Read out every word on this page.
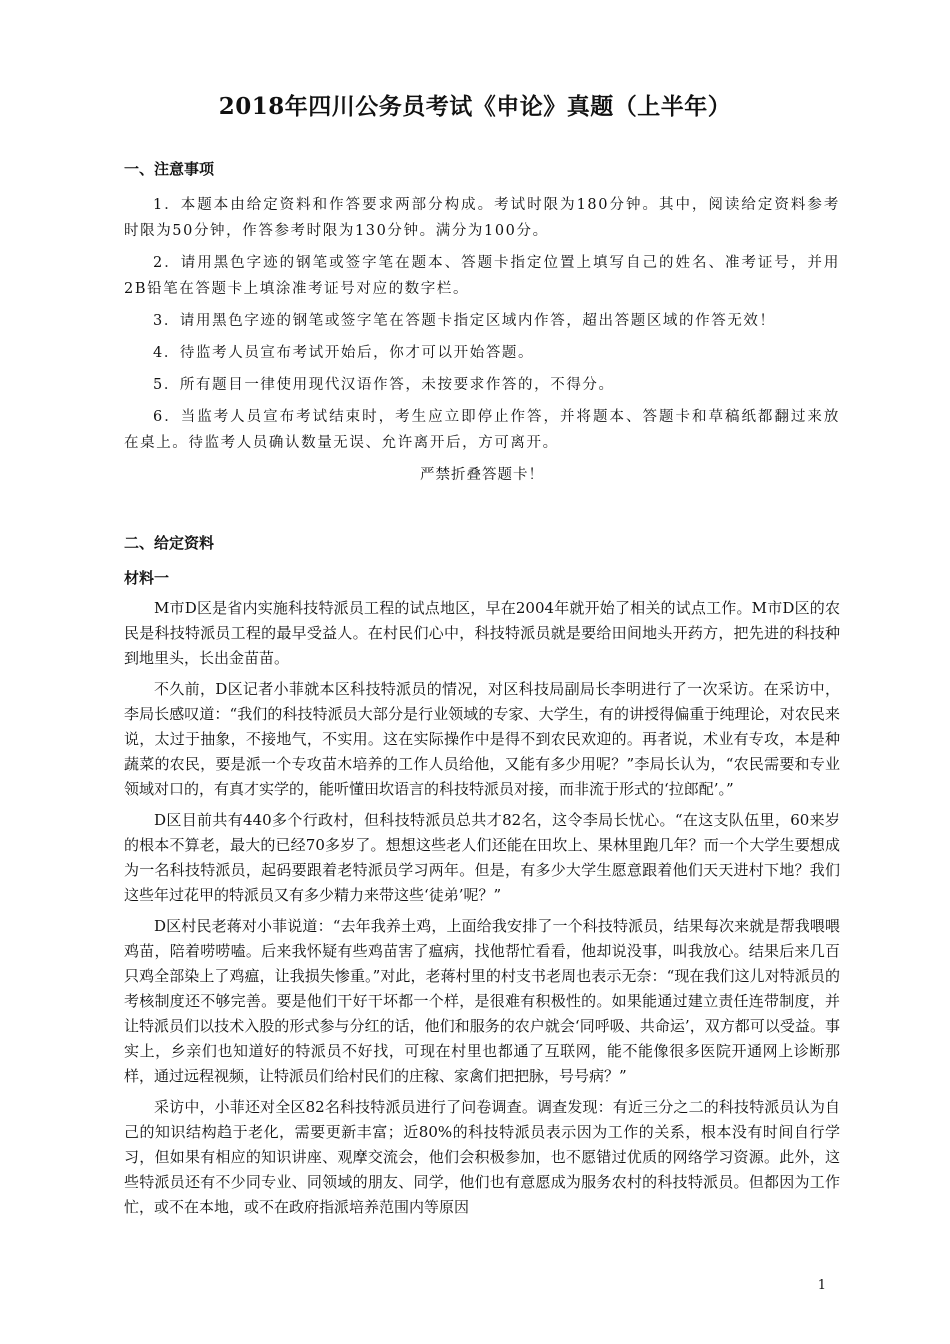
2018年四川公务员考试《申论》真题（上半年）
一、注意事项

1．本题本由给定资料和作答要求两部分构成。考试时限为180分钟。其中，阅读给定资料参考时限为50分钟，作答参考时限为130分钟。满分为100分。

2．请用黑色字迹的钢笔或签字笔在题本、答题卡指定位置上填写自己的姓名、准考证号，并用2B铅笔在答题卡上填涂准考证号对应的数字栏。

3．请用黑色字迹的钢笔或签字笔在答题卡指定区域内作答，超出答题区域的作答无效！

4．待监考人员宣布考试开始后，你才可以开始答题。

5．所有题目一律使用现代汉语作答，未按要求作答的，不得分。

6．当监考人员宣布考试结束时，考生应立即停止作答，并将题本、答题卡和草稿纸都翻过来放在桌上。待监考人员确认数量无误、允许离开后，方可离开。

严禁折叠答题卡！
二、给定资料
材料一

M市D区是省内实施科技特派员工程的试点地区，早在2004年就开始了相关的试点工作。M市D区的农民是科技特派员工程的最早受益人。在村民们心中，科技特派员就是要给田间地头开药方，把先进的科技种到地里头，长出金苗苗。

不久前，D区记者小菲就本区科技特派员的情况，对区科技局副局长李明进行了一次采访。在采访中，李局长感叹道：“我们的科技特派员大部分是行业领域的专家、大学生，有的讲授得偏重于纯理论，对农民来说，太过于抽象，不接地气，不实用。这在实际操作中是得不到农民欢迎的。再者说，术业有专攻，本是种蔬菜的农民，要是派一个专攻苗木培养的工作人员给他，又能有多少用呢？”李局长认为，“农民需要和专业领域对口的，有真才实学的，能听懂田坎语言的科技特派员对接，而非流于形式的‘拉郎配’。”

D区目前共有440多个行政村，但科技特派员总共才82名，这令李局长忧心。“在这支队伍里，60来岁的根本不算老，最大的已经70多岁了。想想这些老人们还能在田坎上、果林里跑几年？而一个大学生要想成为一名科技特派员，起码要跟着老特派员学习两年。但是，有多少大学生愿意跟着他们天天进村下地？我们这些年过花甲的特派员又有多少精力来带这些‘徒弟’呢？”

D区村民老蒋对小菲说道：“去年我养土鸡，上面给我安排了一个科技特派员，结果每次来就是帮我喂喂鸡苗，陪着唠唠嗑。后来我怀疑有些鸡苗害了瘟病，找他帮忙看看，他却说没事，叫我放心。结果后来几百只鸡全部染上了鸡瘟，让我损失惨重。”对此，老蒋村里的村支书老周也表示无奈：“现在我们这儿对特派员的考核制度还不够完善。要是他们干好干坏都一个样，是很难有积极性的。如果能通过建立责任连带制度，并让特派员们以技术入股的形式参与分红的话，他们和服务的农户就会‘同呼吸、共命运’，双方都可以受益。事实上，乡亲们也知道好的特派员不好找，可现在村里也都通了互联网，能不能像很多医院开通网上诊断那样，通过远程视频，让特派员们给村民们的庄稼、家禽们把把脉，号号病？”

采访中，小菲还对全区82名科技特派员进行了问卷调查。调查发现：有近三分之二的科技特派员认为自己的知识结构趋于老化，需要更新丰富；近80%的科技特派员表示因为工作的关系，根本没有时间自行学习，但如果有相应的知识讲座、观摩交流会，他们会积极参加，也不愿错过优质的网络学习资源。此外，这些特派员还有不少同专业、同领域的朋友、同学，他们也有意愿成为服务农村的科技特派员。但都因为工作忙，或不在本地，或不在政府指派培养范围内等原因

1
